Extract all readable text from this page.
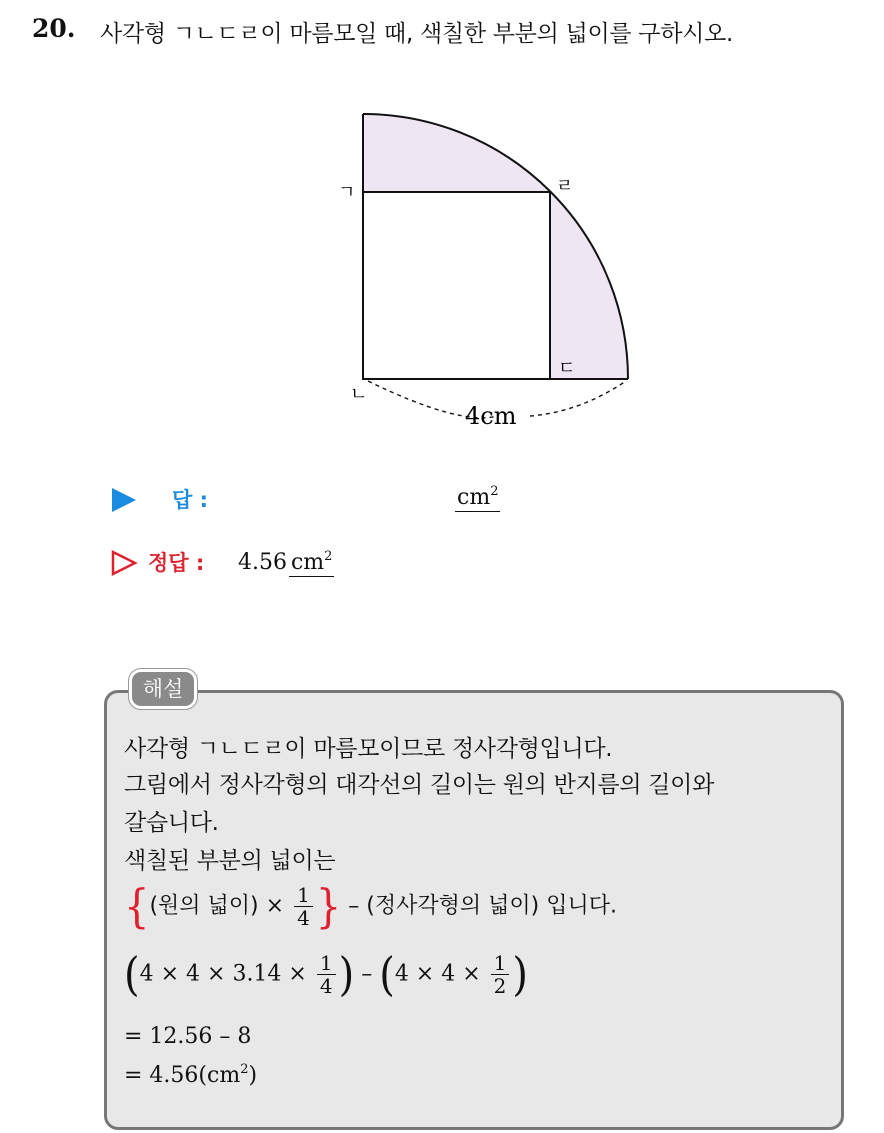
20. 사각형 ㄱㄴㄷㄹ이 마름모일 때, 색칠한 부분의 넓이를 구하시오.
ㄱ
ㄴ
ㄷ
ㄹ
4cm
답 :	$cm^2$
정답 : 4.56 $cm^2$
해설
사각형 ㄱㄴㄷㄹ이 마름모이므로 정사각형입니다.
그림에서 정사각형의 대각선의 길이는 원의 반지름의 길이와
갈습니다.
색칠된 부분의 넓이는
{(원의 넓이) × $\frac{1}{4}$ } – (정사각형의 넓이) 입니다.
($4 \times 4 \times 3.14 \times \frac{1}{4}$ ) – ($4 \times 4 \times \frac{1}{2}$ )
= 12.56 – 8
= $4.56(cm^2)$
